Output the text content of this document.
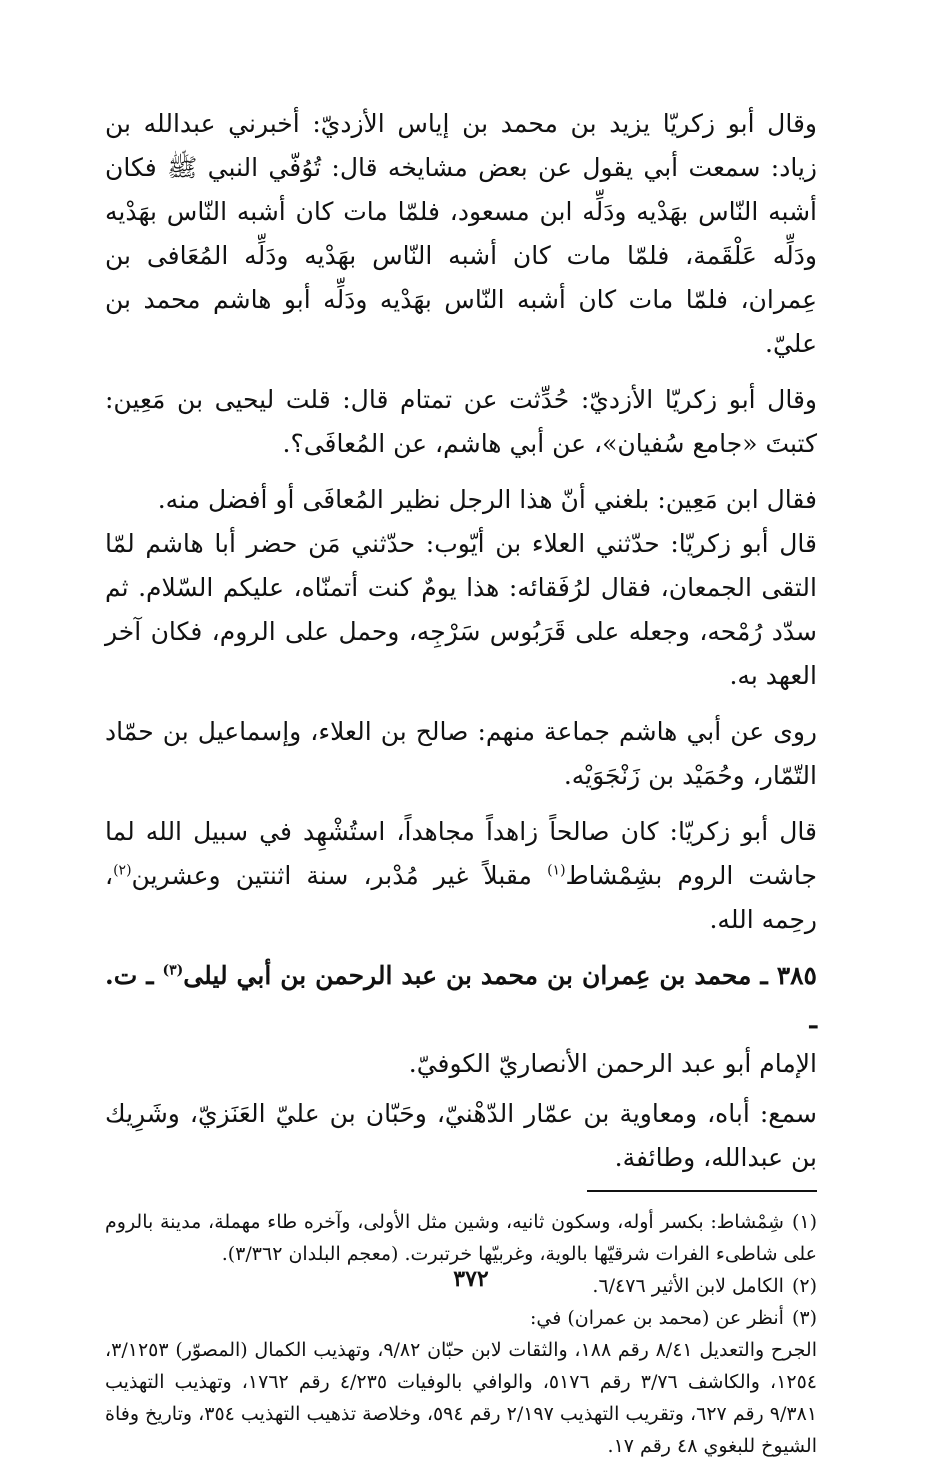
وقال أبو زكريّا يزيد بن محمد بن إياس الأزديّ: أخبرني عبدالله بن زياد: سمعت أبي يقول عن بعض مشايخه قال: تُوُفّي النبي ﷺ فكان أشبه النّاس بهَدْيه ودَلِّه ابن مسعود، فلمّا مات كان أشبه النّاس بهَدْيه ودَلِّه عَلْقَمة، فلمّا مات كان أشبه النّاس بهَدْيه ودَلِّه المُعَافى بن عِمران، فلمّا مات كان أشبه النّاس بهَدْيه ودَلِّه أبو هاشم محمد بن عليّ.

وقال أبو زكريّا الأزديّ: حُدِّثت عن تمتام قال: قلت ليحيى بن مَعِين: كتبتَ «جامع سُفيان»، عن أبي هاشم، عن المُعافَى؟.

فقال ابن مَعِين: بلغني أنّ هذا الرجل نظير المُعافَى أو أفضل منه.

قال أبو زكريّا: حدّثني العلاء بن أيّوب: حدّثني مَن حضر أبا هاشم لمّا التقى الجمعان، فقال لرُفَقائه: هذا يومٌ كنت أتمنّاه، عليكم السّلام. ثم سدّد رُمْحه، وجعله على قَرَبُوس سَرْجِه، وحمل على الروم، فكان آخر العهد به.

روى عن أبي هاشم جماعة منهم: صالح بن العلاء، وإسماعيل بن حمّاد التّمّار، وحُمَيْد بن زَنْجَوَيْه.

قال أبو زكريّا: كان صالحاً زاهداً مجاهداً، استُشْهِد في سبيل الله لما جاشت الروم بشِمْشاط$^{(١)}$ مقبلاً غير مُدْبر، سنة اثنتين وعشرين$^{(٢)}$، رحِمه الله.

٣٨٥ ـ محمد بن عِمران بن محمد بن عبد الرحمن بن أبي ليلى$^{(٣)}$ ـ ت. ـ

الإمام أبو عبد الرحمن الأنصاريّ الكوفيّ.

سمع: أباه، ومعاوية بن عمّار الدّهْنيّ، وحَبّان بن عليّ العَنَزيّ، وشَرِيك بن عبدالله، وطائفة.

(١)شِمْشاط: بكسر أوله، وسكون ثانيه، وشين مثل الأولى، وآخره طاء مهملة، مدينة بالروم على شاطىء الفرات شرقيّها بالوية، وغربيّها خرتبرت. (معجم البلدان ٣/٣٦٢).

(٢)الكامل لابن الأثير ٦/٤٧٦.

(٣)أنظر عن (محمد بن عمران) في:

الجرح والتعديل ٨/٤١ رقم ١٨٨، والثقات لابن حبّان ٩/٨٢، وتهذيب الكمال (المصوّر) ٣/١٢٥٣، ١٢٥٤، والكاشف ٣/٧٦ رقم ٥١٧٦، والوافي بالوفيات ٤/٢٣٥ رقم ١٧٦٢، وتهذيب التهذيب ٩/٣٨١ رقم ٦٢٧، وتقريب التهذيب ٢/١٩٧ رقم ٥٩٤، وخلاصة تذهيب التهذيب ٣٥٤، وتاريخ وفاة الشيوخ للبغوي ٤٨ رقم ١٧.

٣٧٢
